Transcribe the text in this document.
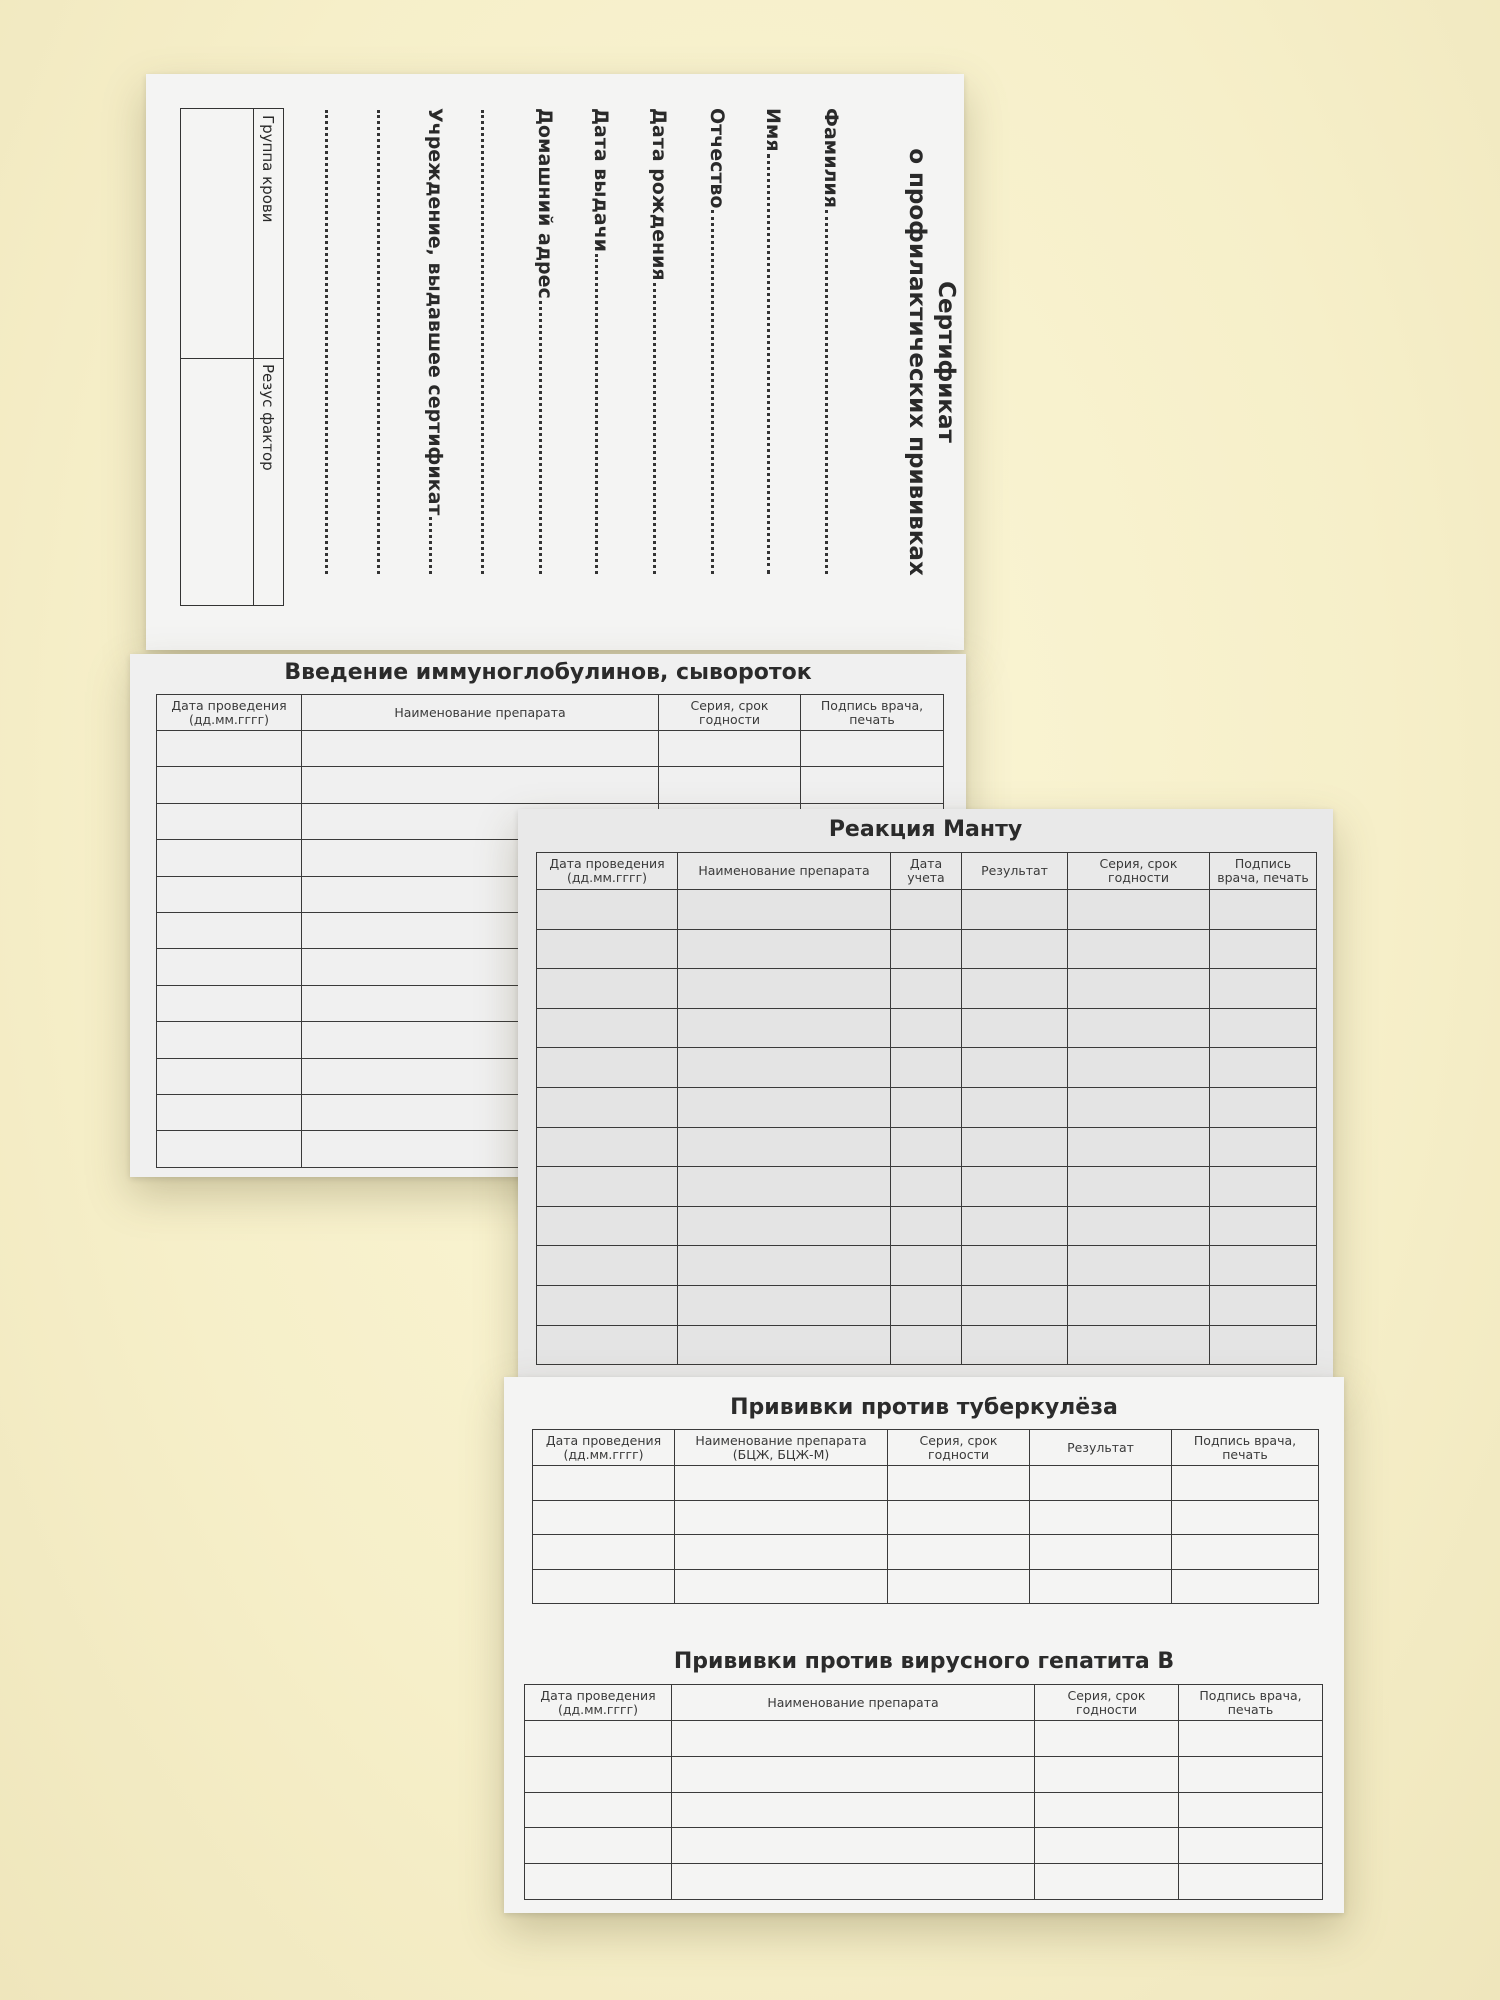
Сертификат
о профилактических прививках
Фамилия
Имя
Отчество
Дата рождения
Дата выдачи
Домашний адрес
Учреждение, выдавшее сертификат
Группа крови
Резус фактор
Введение иммуноглобулинов, сывороток
Дата проведения (дд.мм.гггг)	Наименование препарата	Серия, срок годности	Подпись врача, печать

Реакция Манту
Дата проведения (дд.мм.гггг)	Наименование препарата	Дата учета	Результат	Серия, срок годности	Подпись врача, печать

Прививки против туберкулёза
Дата проведения (дд.мм.гггг)	Наименование препарата (БЦЖ, БЦЖ-М)	Серия, срок годности	Результат	Подпись врача, печать

Прививки против вирусного гепатита В
Дата проведения (дд.мм.гггг)	Наименование препарата	Серия, срок годности	Подпись врача, печать
